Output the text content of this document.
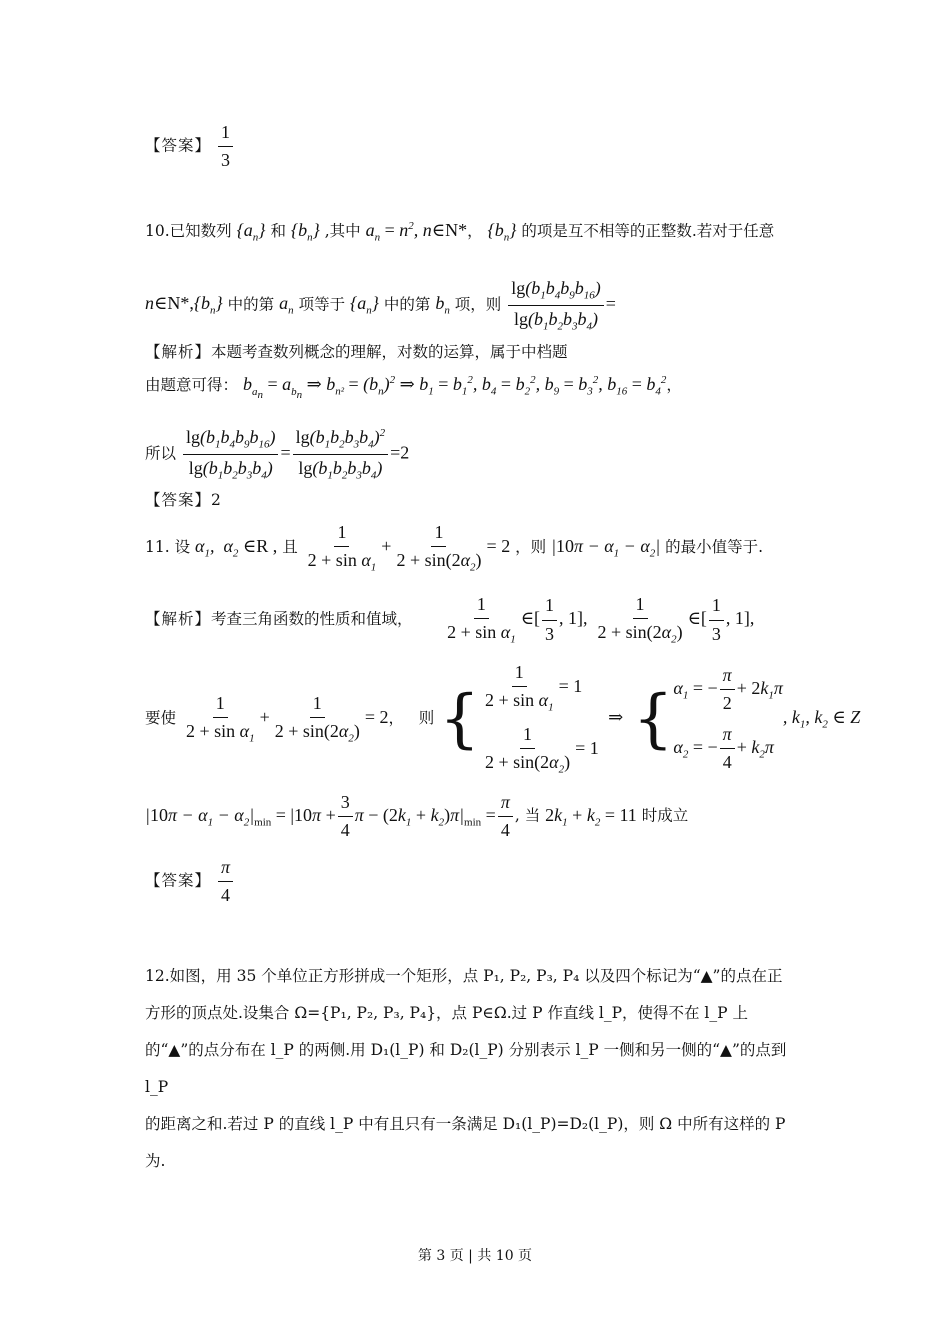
【答案】 $\frac{1}{3}$
10.已知数列 $\{a_n\}$ 和 $\{b_n\}$ ,其中 $a_n = n^2$, n∈N*， $\{b_n\}$ 的项是互不相等的正整数.若对于任意
$n\in N*,\{b_n\}$ 中的第 $a_n$ 项等于 $\{a_n\}$ 中的第 $b_n$ 项，则 $\frac{\lg(b_1b_4b_9b_{16})}{\lg(b_1b_2b_3b_4)}$ =
【解析】本题考查数列概念的理解，对数的运算，属于中档题
由题意可得： $b_{a_n} = a_{b_n}$ ⇒ $b_{n^2} = (b_n)^2$ ⇒ $b_1 = b_1^2$, $b_4 = b_2^2$, $b_9 = b_3^2$, $b_{16} = b_4^2$，
所以 $\frac{\lg(b_1b_4b_9b_{16})}{\lg(b_1b_2b_3b_4)} = \frac{\lg(b_1b_2b_3b_4)^2}{\lg(b_1b_2b_3b_4)} =2$
【答案】2
11. 设 $\alpha_1$,  $\alpha_2$ ∈R , 且 $\frac{1}{2 + \sin \alpha_1} + \frac{1}{2 + \sin(2\alpha_2)} = 2$ ，则 $|10\pi - \alpha_1 - \alpha_2|$ 的最小值等于.
【解析】考查三角函数的性质和值域， $\frac{1}{2 + \sin \alpha_1}$ ∈[ $\frac{1}{3}$ , 1], $\frac{1}{2 + \sin(2\alpha_2)}$ ∈[ $\frac{1}{3}$ , 1],
要使 $\frac{1}{2 + \sin \alpha_1} + \frac{1}{2 + \sin(2\alpha_2)} = 2$，   则 { $\frac{1}{2 + \sin \alpha_1} = 1$
$\frac{1}{2 + \sin(2\alpha_2)} = 1$
⇒  { $\alpha_1$ = − $\frac{\pi}{2} + 2k_1\pi$
$\alpha_2$ = − $\frac{\pi}{4} + k_2\pi$
, $k_1$, $k_2$ ∈ Z
$|10\pi - \alpha_1 - \alpha_2|_{min} = |10\pi + \frac{3}{4}$ $\pi - (2k_1 + k_2)\pi|_{min} = \frac{\pi}{4}$ , 当 $2k_1 + k_2 = 11$ 时成立
【答案】 $\frac{\pi}{4}$
12.如图，用 35 个单位正方形拼成一个矩形，点 P₁, P₂, P₃, P₄ 以及四个标记为“▲”的点在正
方形的顶点处.设集合 Ω={P₁, P₂, P₃, P₄}，点 P∈Ω.过 P 作直线 l_P，使得不在 l_P 上
的“▲”的点分布在 l_P 的两侧.用 D₁(l_P) 和 D₂(l_P) 分别表示 l_P 一侧和另一侧的“▲”的点到 l_P
的距离之和.若过 P 的直线 l_P 中有且只有一条满足 D₁(l_P)=D₂(l_P)，则 Ω 中所有这样的 P
为.
第 3 页 | 共 10 页
